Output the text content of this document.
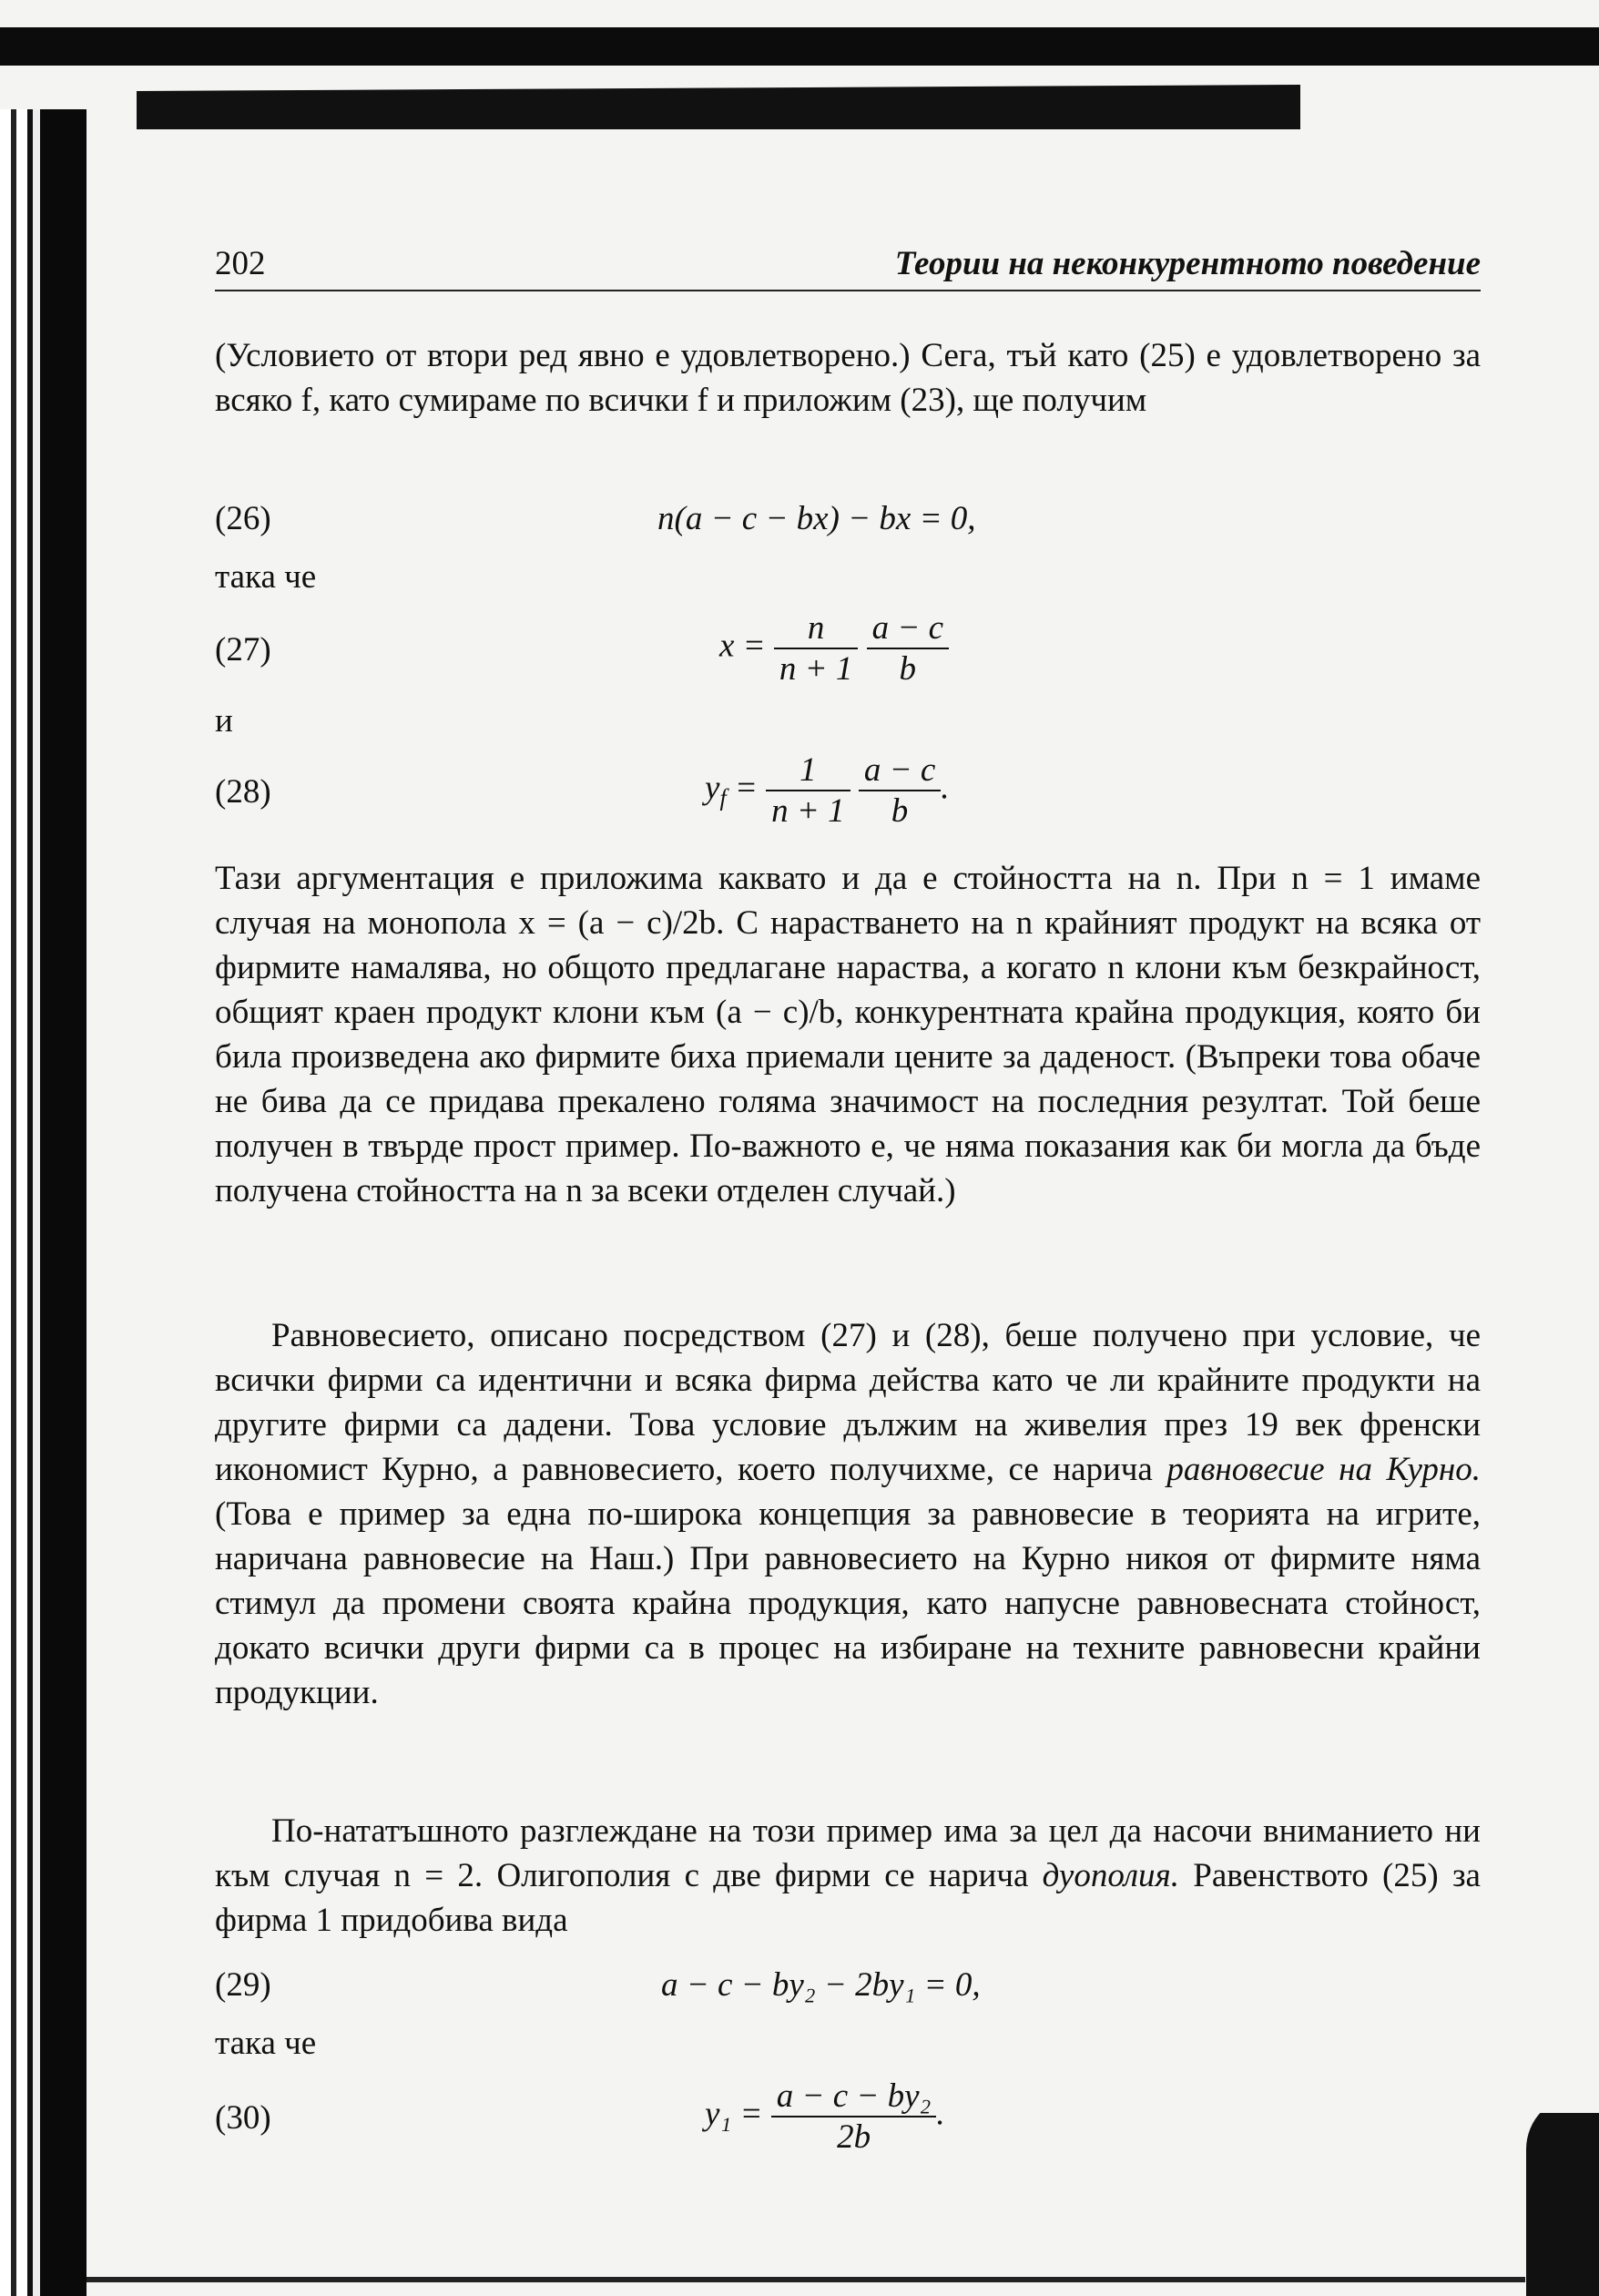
202	Теории на неконкурентното поведение

(Условието от втори ред явно е удовлетворено.) Сега, тъй като (25) е удовлетворено за всяко f, като сумираме по всички f и приложим (23), ще получим

(26)	n(a − c − bx) − bx = 0,
така че
(27)	$x = \frac{n}{n + 1}$
$\frac{a - c}{b}$
и
(28)	$y_f = \frac{1}{n + 1}$
$\frac{a - c}{b}$ .

Тази аргументация е приложима каквато и да е стойността на n. При n = 1 имаме случая на монопола x = (a − c)/2b. С нарастването на n крайният продукт на всяка от фирмите намалява, но общото предлагане нараства, а когато n клони към безкрайност, общият краен продукт клони към (a − c)/b, конкурентната крайна продукция, която би била произведена ако фирмите биха приемали цените за даденост. (Въпреки това обаче не бива да се придава прекалено голяма значимост на последния резултат. Той беше получен в твърде прост пример. По-важното е, че няма показания как би могла да бъде получена стойността на n за всеки отделен случай.)

Равновесието, описано посредством (27) и (28), беше получено при условие, че всички фирми са идентични и всяка фирма действа като че ли крайните продукти на другите фирми са дадени. Това условие дължим на живелия през 19 век френски икономист Курно, а равновесието, което получихме, се нарича равновесие на Курно. (Това е пример за една по-широка концепция за равновесие в теорията на игрите, наричана равновесие на Наш.) При равновесието на Курно никоя от фирмите няма стимул да промени своята крайна продукция, като напусне равновесната стойност, докато всички други фирми са в процес на избиране на техните равновесни крайни продукции.

По-нататъшното разглеждане на този пример има за цел да насочи вниманието ни към случая n = 2. Олигополия с две фирми се нарича дуополия. Равенството (25) за фирма 1 придобива вида

(29)	a − c − by₂ − 2by₁ = 0,
така че
(30)	$y_1 = \frac{\text{a − c − by₂}}{2b}$ .
